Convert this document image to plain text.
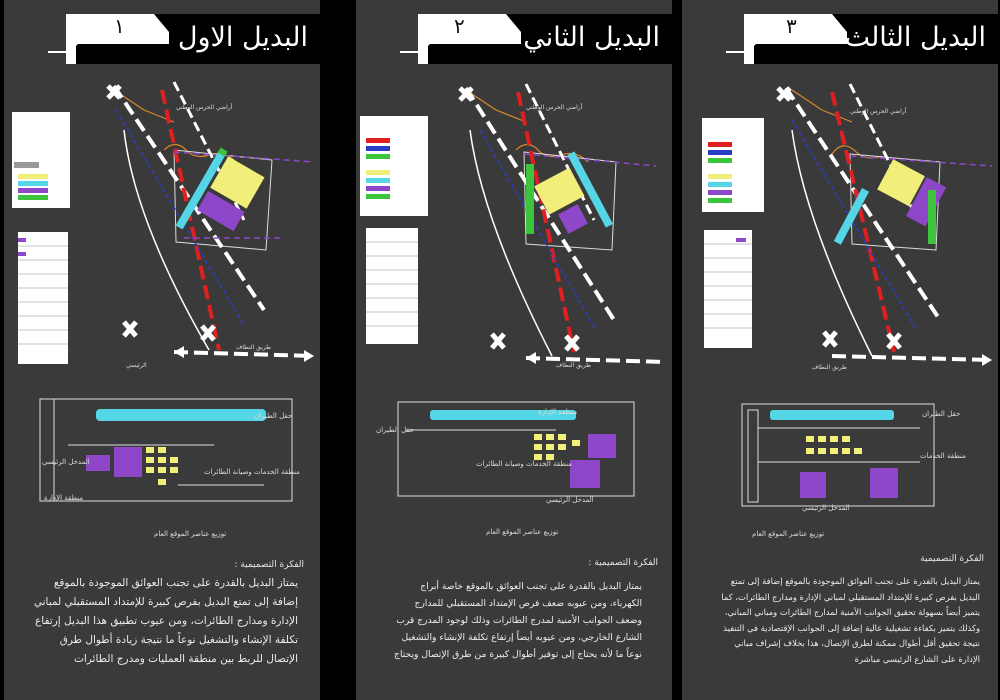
١ البديل الاول
أراضي الحرس الوطني
طريق النطاف
الرئيسي
حقل الطيران
المدخل الرئيسي
منطقة الخدمات وصيانة الطائرات
منطقة الإدارة
توزيع عناصر الموقع العام
الفكرة التصميمية :
يمتاز البديل بالقدرة على تجنب العوائق الموجودة بالموقع إضافة إلى تمتع البديل بفرص كبيرة للإمتداد المستقبلي لمباني الإدارة ومدارج الطائرات، ومن عيوب تطبيق هذا البديل إرتفاع تكلفة الإنشاء والتشغيل نوعاً ما نتيجة زيادة أطوال طرق الإتصال للربط بين منطقة العمليات ومدرج الطائرات
٢ البديل الثاني
أراضي الحرس الوطني
طريق النطاف
منطقة الإدارة
حقل الطيران
منطقة الخدمات وصيانة الطائرات
المدخل الرئيسي
توزيع عناصر الموقع العام
الفكرة التصميمية :
يمتاز البديل بالقدرة على تجنب العوائق بالموقع خاصة أبراج الكهرباء، ومن عيوبه ضعف فرص الإمتداد المستقبلي للمدارج وضعف الجوانب الأمنية لمدرج الطائرات وذلك لوجود المدرج قرب الشارع الخارجي، ومن عيوبه أيضاً إرتفاع تكلفة الإنشاء والتشغيل نوعاً ما لأنه يحتاج إلى توفير أطوال كبيرة من طرق الإتصال ويحتاج
٣ البديل الثالث
أراضي الحرس الوطني
طريق النطاف
حقل الطيران
منطقة الخدمات
المدخل الرئيسي
توزيع عناصر الموقع العام
الفكرة التصميمية
يمتاز البديل بالقدرة على تجنب العوائق الموجودة بالموقع إضافة إلى تمتع البديل بفرص كبيرة للإمتداد المستقبلي لمباني الإدارة ومدارج الطائرات، كما يتميز أيضاً بسهولة تحقيق الجوانب الأمنية لمدارج الطائرات ومباني المباني، وكذلك يتميز بكفاءة تشغيلية عالية إضافة إلى الجوانب الإقتصادية في التنفيذ نتيجة تحقيق أقل أطوال ممكنة لطرق الإتصال، هذا بخلاف إشراف مباني الإدارة على الشارع الرئيسي مباشرة
